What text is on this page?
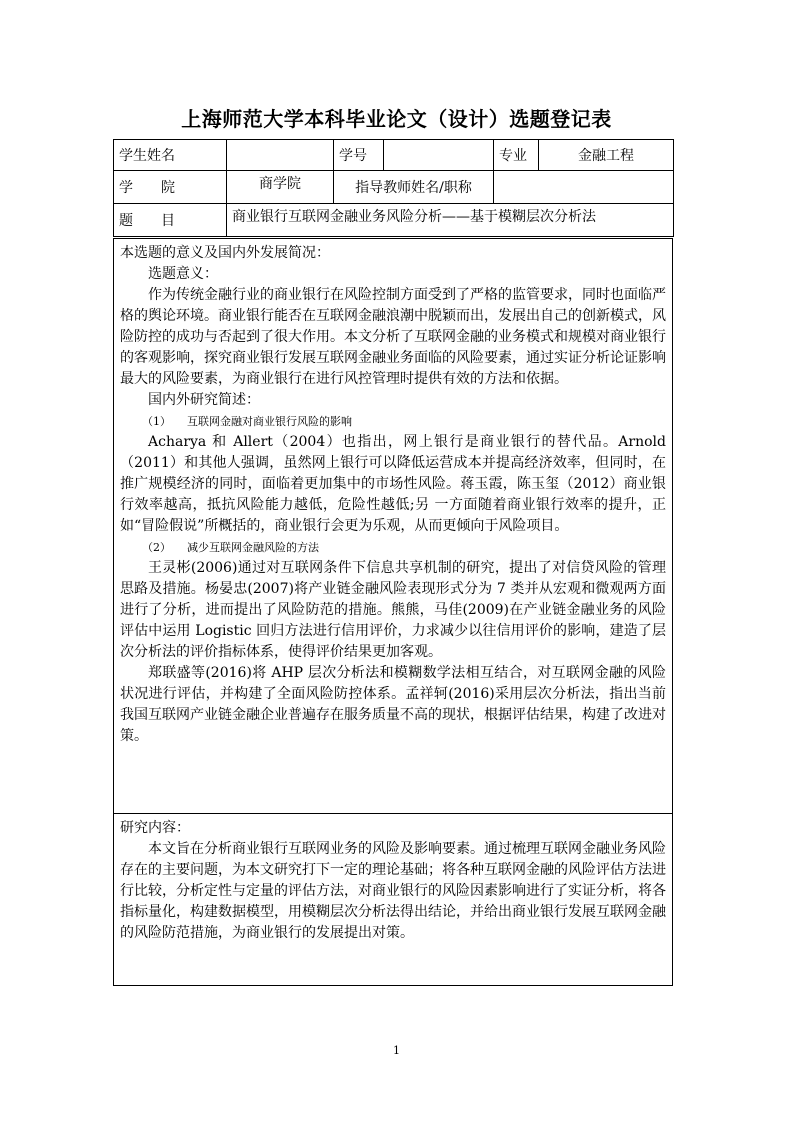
上海师范大学本科毕业论文（设计）选题登记表
学生姓名		学号		专业	金融工程
学　　院	商学院	指导教师姓名/职称			
题　　目	商业银行互联网金融业务风险分析——基于模糊层次分析法				

本选题的意义及国内外发展简况：

选题意义：

作为传统金融行业的商业银行在风险控制方面受到了严格的监管要求，同时也面临严格的舆论环境。商业银行能否在互联网金融浪潮中脱颖而出，发展出自己的创新模式，风险防控的成功与否起到了很大作用。本文分析了互联网金融的业务模式和规模对商业银行的客观影响，探究商业银行发展互联网金融业务面临的风险要素，通过实证分析论证影响最大的风险要素，为商业银行在进行风控管理时提供有效的方法和依据。

国内外研究简述：

（1） 互联网金融对商业银行风险的影响

Acharya 和 Allert（2004）也指出，网上银行是商业银行的替代品。Arnold（2011）和其他人强调，虽然网上银行可以降低运营成本并提高经济效率，但同时，在推广规模经济的同时，面临着更加集中的市场性风险。蒋玉霞，陈玉玺（2012）商业银行效率越高，抵抗风险能力越低，危险性越低;另 一方面随着商业银行效率的提升，正如“冒险假说”所概括的，商业银行会更为乐观，从而更倾向于风险项目。

（2） 减少互联网金融风险的方法

王灵彬(2006)通过对互联网条件下信息共享机制的研究，提出了对信贷风险的管理思路及措施。杨晏忠(2007)将产业链金融风险表现形式分为 7 类并从宏观和微观两方面进行了分析，进而提出了风险防范的措施。熊熊，马佳(2009)在产业链金融业务的风险评估中运用 Logistic 回归方法进行信用评价，力求减少以往信用评价的影响，建造了层次分析法的评价指标体系，使得评价结果更加客观。

郑联盛等(2016)将 AHP 层次分析法和模糊数学法相互结合，对互联网金融的风险状况进行评估，并构建了全面风险防控体系。孟祥轲(2016)采用层次分析法，指出当前我国互联网产业链金融企业普遍存在服务质量不高的现状，根据评估结果，构建了改进对策。

研究内容：

本文旨在分析商业银行互联网业务的风险及影响要素。通过梳理互联网金融业务风险存在的主要问题，为本文研究打下一定的理论基础；将各种互联网金融的风险评估方法进行比较，分析定性与定量的评估方法，对商业银行的风险因素影响进行了实证分析，将各指标量化，构建数据模型，用模糊层次分析法得出结论，并给出商业银行发展互联网金融的风险防范措施，为商业银行的发展提出对策。

1
